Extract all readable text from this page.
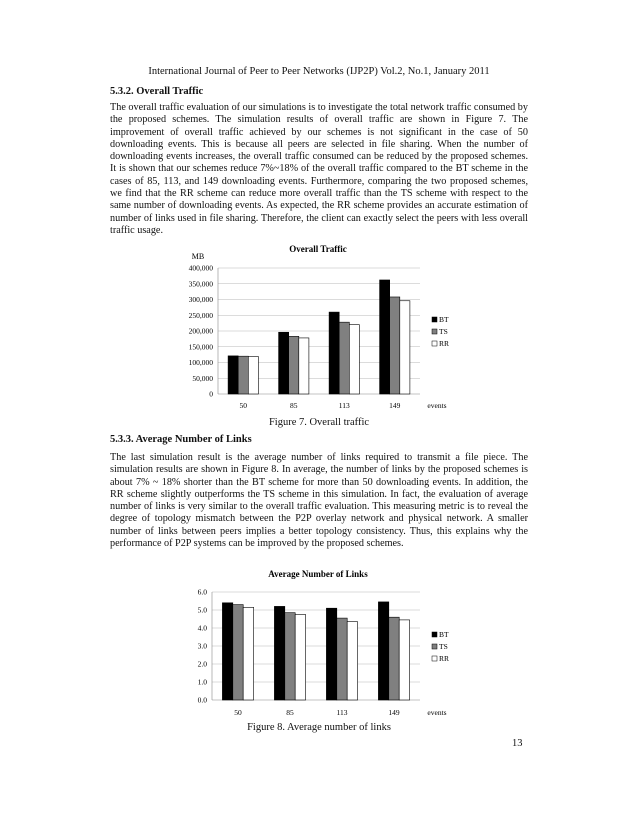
International Journal of Peer to Peer Networks (IJP2P) Vol.2, No.1, January 2011
5.3.2. Overall Traffic

The overall traffic evaluation of our simulations is to investigate the total network traffic consumed by the proposed schemes. The simulation results of overall traffic are shown in Figure 7. The improvement of overall traffic achieved by our schemes is not significant in the case of 50 downloading events. This is because all peers are selected in file sharing. When the number of downloading events increases, the overall traffic consumed can be reduced by the proposed schemes. It is shown that our schemes reduce 7%~18% of the overall traffic compared to the BT scheme in the cases of 85, 113, and 149 downloading events. Furthermore, comparing the two proposed schemes, we find that the RR scheme can reduce more overall traffic than the TS scheme with respect to the same number of downloading events. As expected, the RR scheme provides an accurate estimation of number of links used in file sharing. Therefore, the client can exactly select the peers with less overall traffic usage.

Overall Traffic
MB
0
50,000
100,000
150,000
200,000
250,000
300,000
350,000
400,000
50	85	113	149	events
BT
TS
RR
Figure 7. Overall traffic
5.3.3. Average Number of Links

The last simulation result is the average number of links required to transmit a file piece. The simulation results are shown in Figure 8. In average, the number of links by the proposed schemes is about 7% ~ 18% shorter than the BT scheme for more than 50 downloading events. In addition, the RR scheme slightly outperforms the TS scheme in this simulation. In fact, the evaluation of average number of links is very similar to the overall traffic evaluation. This measuring metric is to reveal the degree of topology mismatch between the P2P overlay network and physical network. A smaller number of links between peers implies a better topology consistency. Thus, this explains why the performance of P2P systems can be improved by the proposed schemes.

Average Number of Links
0.0
1.0
2.0
3.0
4.0
5.0
6.0
50	85	113	149	events
BT
TS
RR
Figure 8. Average number of links
13
